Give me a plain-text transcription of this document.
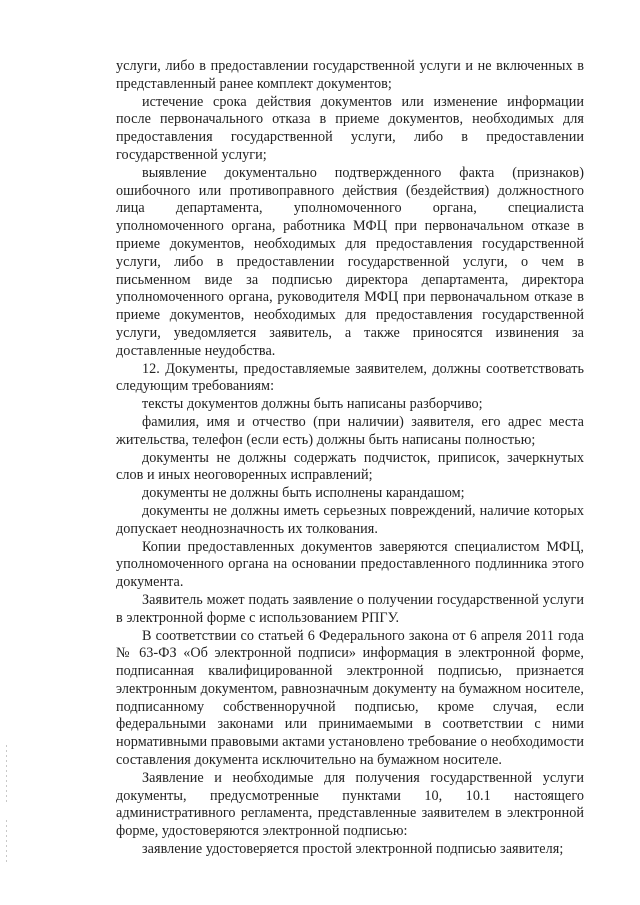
услуги, либо в предоставлении государственной услуги и не включенных в представленный ранее комплект документов;

истечение срока действия документов или изменение информации после первоначального отказа в приеме документов, необходимых для предоставления государственной услуги, либо в предоставлении государственной услуги;

выявление документально подтвержденного факта (признаков) ошибочного или противоправного действия (бездействия) должностного лица департамента, уполномоченного органа, специалиста уполномоченного органа, работника МФЦ при первоначальном отказе в приеме документов, необходимых для предоставления государственной услуги, либо в предоставлении государственной услуги, о чем в письменном виде за подписью директора департамента, директора уполномоченного органа, руководителя МФЦ при первоначальном отказе в приеме документов, необходимых для предоставления государственной услуги, уведомляется заявитель, а также приносятся извинения за доставленные неудобства.

12. Документы, предоставляемые заявителем, должны соответствовать следующим требованиям:

тексты документов должны быть написаны разборчиво;

фамилия, имя и отчество (при наличии) заявителя, его адрес места жительства, телефон (если есть) должны быть написаны полностью;

документы не должны содержать подчисток, приписок, зачеркнутых слов и иных неоговоренных исправлений;

документы не должны быть исполнены карандашом;

документы не должны иметь серьезных повреждений, наличие которых допускает неоднозначность их толкования.

Копии предоставленных документов заверяются специалистом МФЦ, уполномоченного органа на основании предоставленного подлинника этого документа.

Заявитель может подать заявление о получении государственной услуги в электронной форме с использованием РПГУ.

В соответствии со статьей 6 Федерального закона от 6 апреля 2011 года № 63-ФЗ «Об электронной подписи» информация в электронной форме, подписанная квалифицированной электронной подписью, признается электронным документом, равнозначным документу на бумажном носителе, подписанному собственноручной подписью, кроме случая, если федеральными законами или принимаемыми в соответствии с ними нормативными правовыми актами установлено требование о необходимости составления документа исключительно на бумажном носителе.

Заявление и необходимые для получения государственной услуги документы, предусмотренные пунктами 10, 10.1 настоящего административного регламента, представленные заявителем в электронной форме, удостоверяются электронной подписью:

заявление удостоверяется простой электронной подписью заявителя;
